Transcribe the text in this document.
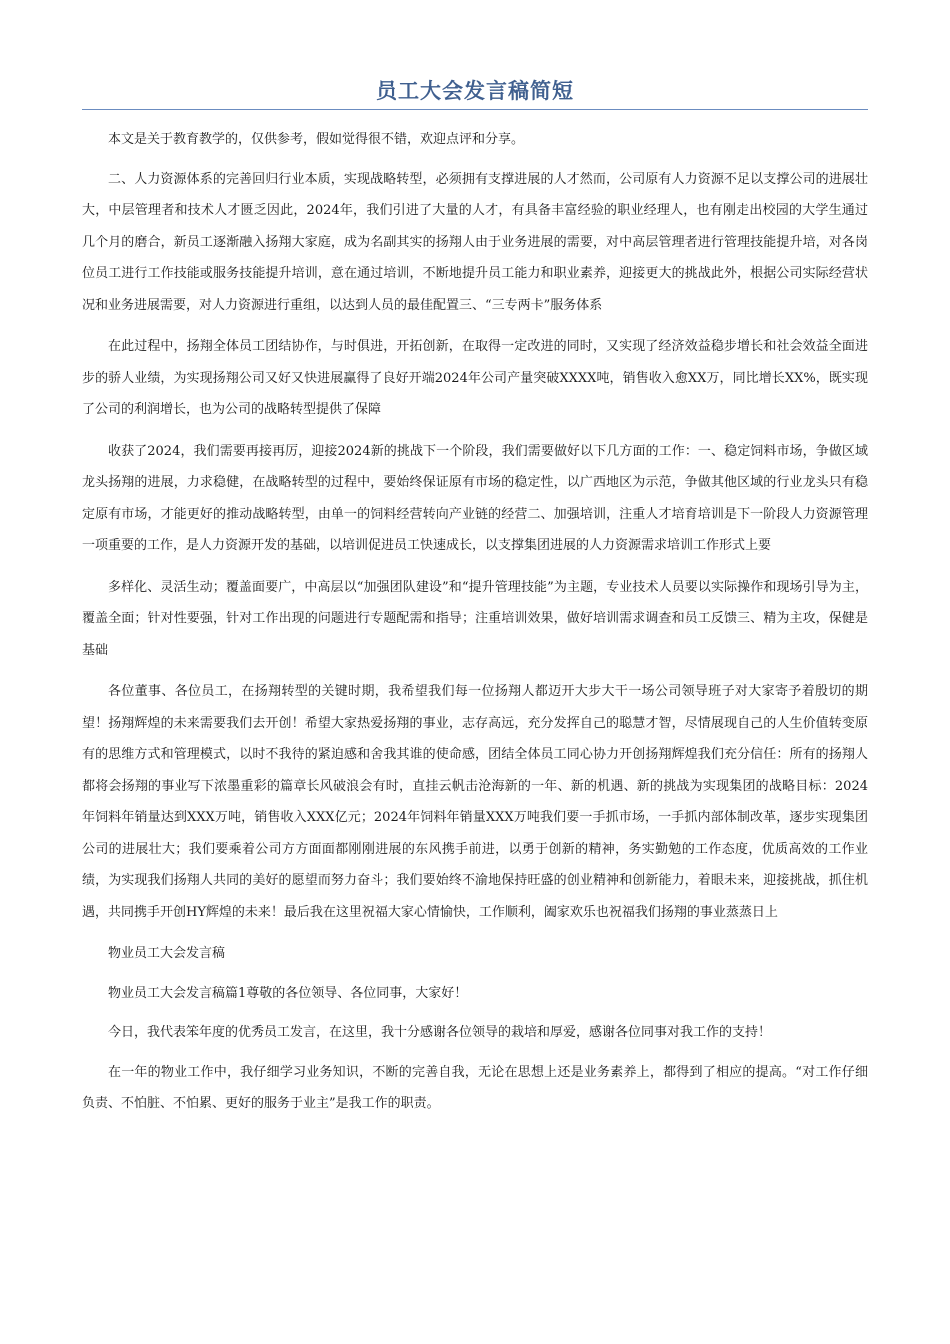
员工大会发言稿简短

本文是关于教育教学的，仅供参考，假如觉得很不错，欢迎点评和分享。

二、人力资源体系的完善回归行业本质，实现战略转型，必须拥有支撑进展的人才然而，公司原有人力资源不足以支撑公司的进展壮大，中层管理者和技术人才匮乏因此，2024年，我们引进了大量的人才，有具备丰富经验的职业经理人，也有刚走出校园的大学生通过几个月的磨合，新员工逐渐融入扬翔大家庭，成为名副其实的扬翔人由于业务进展的需要，对中高层管理者进行管理技能提升培，对各岗位员工进行工作技能或服务技能提升培训，意在通过培训，不断地提升员工能力和职业素养，迎接更大的挑战此外，根据公司实际经营状况和业务进展需要，对人力资源进行重组，以达到人员的最佳配置三、“三专两卡”服务体系

在此过程中，扬翔全体员工团结协作，与时俱进，开拓创新，在取得一定改进的同时，又实现了经济效益稳步增长和社会效益全面进步的骄人业绩，为实现扬翔公司又好又快进展赢得了良好开端2024年公司产量突破XXXX吨，销售收入愈XX万，同比增长XX%，既实现了公司的利润增长，也为公司的战略转型提供了保障

收获了2024，我们需要再接再厉，迎接2024新的挑战下一个阶段，我们需要做好以下几方面的工作：一、稳定饲料市场，争做区域龙头扬翔的进展，力求稳健，在战略转型的过程中，要始终保证原有市场的稳定性，以广西地区为示范，争做其他区域的行业龙头只有稳定原有市场，才能更好的推动战略转型，由单一的饲料经营转向产业链的经营二、加强培训，注重人才培育培训是下一阶段人力资源管理一项重要的工作，是人力资源开发的基础，以培训促进员工快速成长，以支撑集团进展的人力资源需求培训工作形式上要

多样化、灵活生动；覆盖面要广，中高层以“加强团队建设”和“提升管理技能”为主题，专业技术人员要以实际操作和现场引导为主，覆盖全面；针对性要强，针对工作出现的问题进行专题配需和指导；注重培训效果，做好培训需求调查和员工反馈三、精为主攻，保健是基础

各位董事、各位员工，在扬翔转型的关键时期，我希望我们每一位扬翔人都迈开大步大干一场公司领导班子对大家寄予着殷切的期望！扬翔辉煌的未来需要我们去开创！希望大家热爱扬翔的事业，志存高远，充分发挥自己的聪慧才智，尽情展现自己的人生价值转变原有的思维方式和管理模式，以时不我待的紧迫感和舍我其谁的使命感，团结全体员工同心协力开创扬翔辉煌我们充分信任：所有的扬翔人都将会扬翔的事业写下浓墨重彩的篇章长风破浪会有时，直挂云帆击沧海新的一年、新的机遇、新的挑战为实现集团的战略目标：2024年饲料年销量达到XXX万吨，销售收入XXX亿元；2024年饲料年销量XXX万吨我们要一手抓市场，一手抓内部体制改革，逐步实现集团公司的进展壮大；我们要乘着公司方方面面都刚刚进展的东风携手前进，以勇于创新的精神，务实勤勉的工作态度，优质高效的工作业绩，为实现我们扬翔人共同的美好的愿望而努力奋斗；我们要始终不渝地保持旺盛的创业精神和创新能力，着眼未来，迎接挑战，抓住机遇，共同携手开创HY辉煌的未来！最后我在这里祝福大家心情愉快，工作顺利，阖家欢乐也祝福我们扬翔的事业蒸蒸日上

物业员工大会发言稿

物业员工大会发言稿篇1尊敬的各位领导、各位同事，大家好！

今日，我代表笨年度的优秀员工发言，在这里，我十分感谢各位领导的栽培和厚爱，感谢各位同事对我工作的支持！

在一年的物业工作中，我仔细学习业务知识，不断的完善自我，无论在思想上还是业务素养上，都得到了相应的提高。“对工作仔细负责、不怕脏、不怕累、更好的服务于业主”是我工作的职责。
